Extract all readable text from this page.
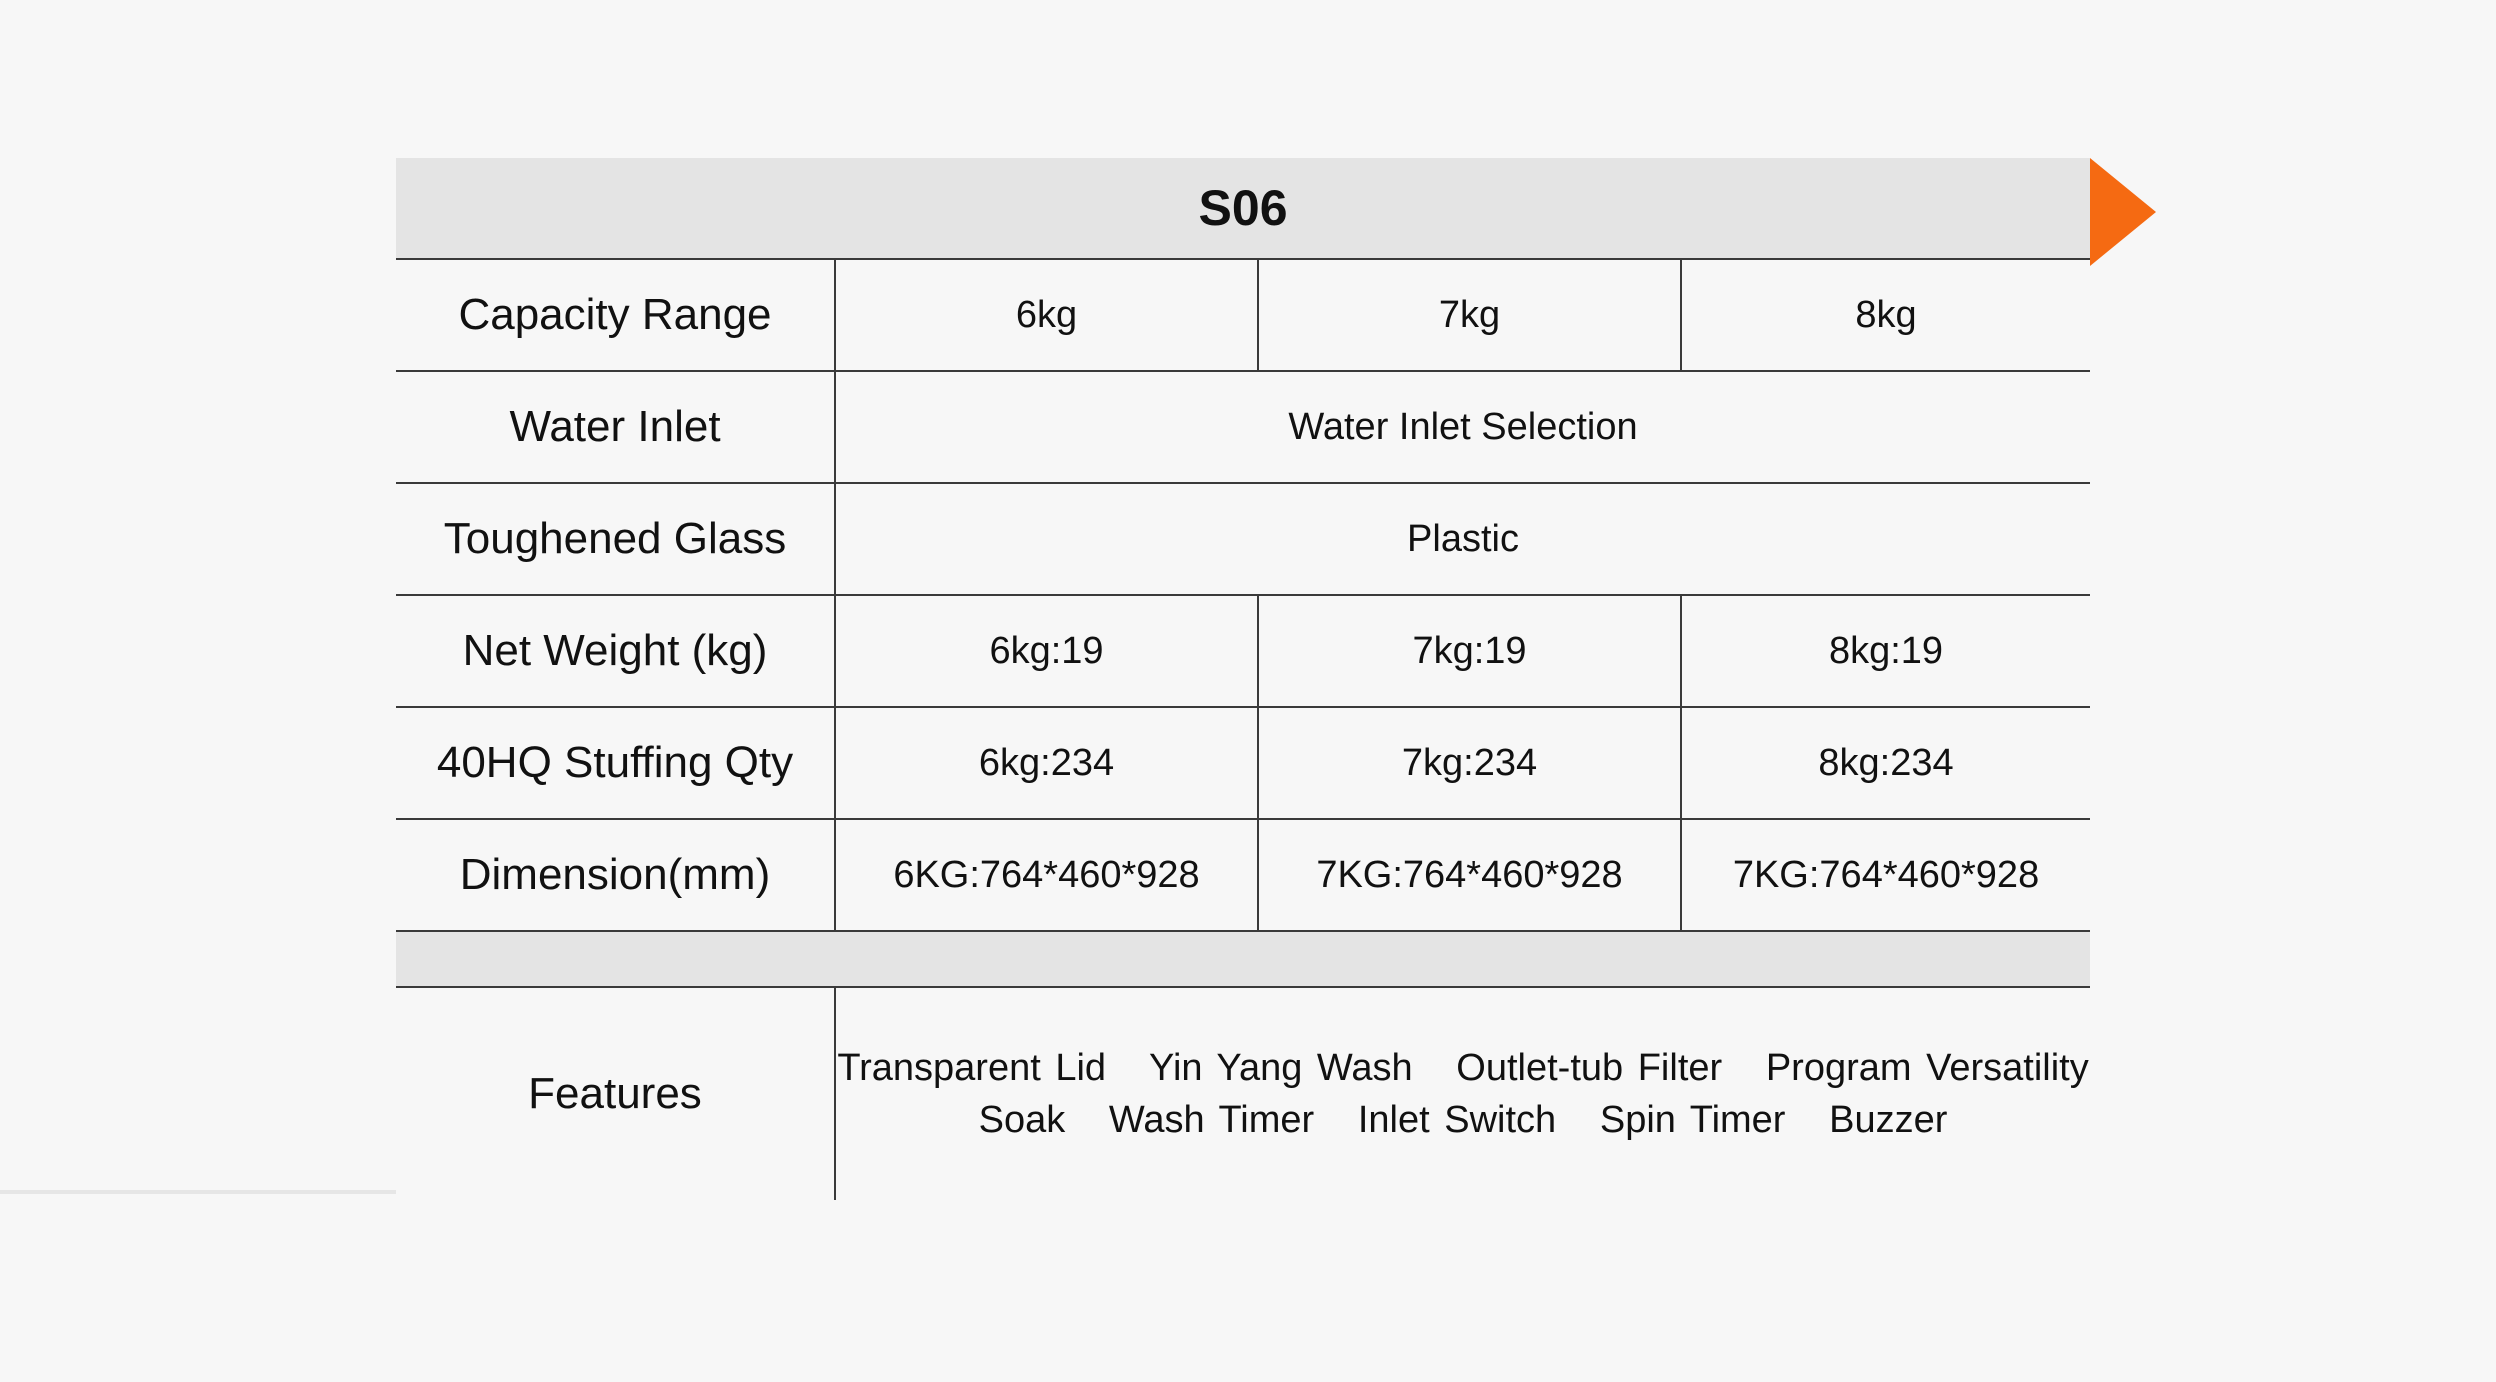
S06			
Capacity Range	6kg	7kg	8kg
Water Inlet	Water Inlet Selection		
Toughened Glass	Plastic		
Net Weight (kg)	6kg:19	7kg:19	8kg:19
40HQ Stuffing Qty	6kg:234	7kg:234	8kg:234
Dimension(mm)	6KG:764*460*928	7KG:764*460*928	7KG:764*460*928

Features	Transparent Lid   Yin Yang Wash   Outlet-tub Filter   Program Versatility
Soak   Wash Timer   Inlet Switch   Spin Timer   Buzzer		
